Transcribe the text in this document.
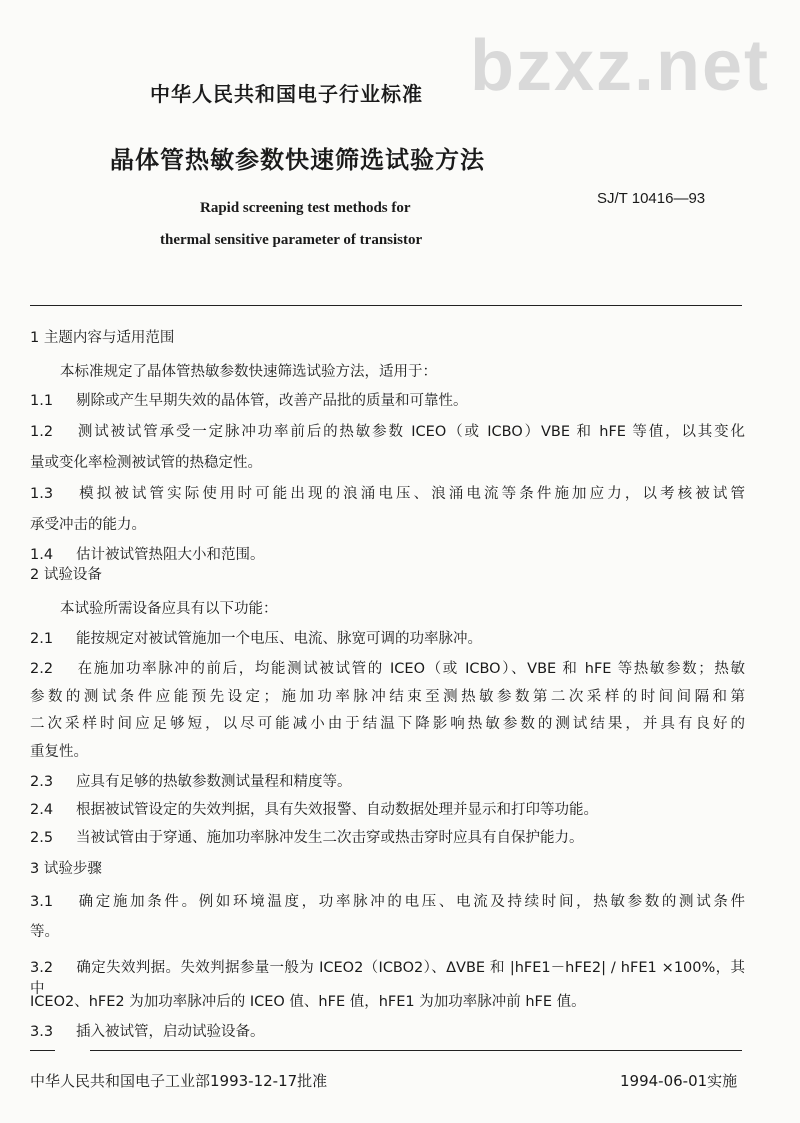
中华人民共和国电子行业标准 bzxz.net
晶体管热敏参数快速筛选试验方法
Rapid screening test methods for
thermal sensitive parameter of transistor
SJ/T 10416—93
1 主题内容与适用范围
本标准规定了晶体管热敏参数快速筛选试验方法，适用于：
1.1 剔除或产生早期失效的晶体管，改善产品批的质量和可靠性。
1.2 测试被试管承受一定脉冲功率前后的热敏参数 ICEO（或 ICBO）VBE 和 hFE 等值，以其变化
量或变化率检测被试管的热稳定性。
1.3 模拟被试管实际使用时可能出现的浪涌电压、浪涌电流等条件施加应力，以考核被试管
承受冲击的能力。
1.4 估计被试管热阻大小和范围。
2 试验设备
本试验所需设备应具有以下功能：
2.1 能按规定对被试管施加一个电压、电流、脉宽可调的功率脉冲。
2.2 在施加功率脉冲的前后，均能测试被试管的 ICEO（或 ICBO）、VBE 和 hFE 等热敏参数；热敏
参数的测试条件应能预先设定；施加功率脉冲结束至测热敏参数第二次采样的时间间隔和第
二次采样时间应足够短，以尽可能减小由于结温下降影响热敏参数的测试结果，并具有良好的
重复性。
2.3 应具有足够的热敏参数测试量程和精度等。
2.4 根据被试管设定的失效判据，具有失效报警、自动数据处理并显示和打印等功能。
2.5 当被试管由于穿通、施加功率脉冲发生二次击穿或热击穿时应具有自保护能力。
3 试验步骤
3.1 确定施加条件。例如环境温度，功率脉冲的电压、电流及持续时间，热敏参数的测试条件
等。
3.2 确定失效判据。失效判据参量一般为 ICEO2（ICBO2）、ΔVBE 和 |hFE1－hFE2| / hFE1 ×100%，其中
ICEO2、hFE2 为加功率脉冲后的 ICEO 值、hFE 值，hFE1 为加功率脉冲前 hFE 值。
3.3 插入被试管，启动试验设备。
中华人民共和国电子工业部1993-12-17批准	1994-06-01实施
